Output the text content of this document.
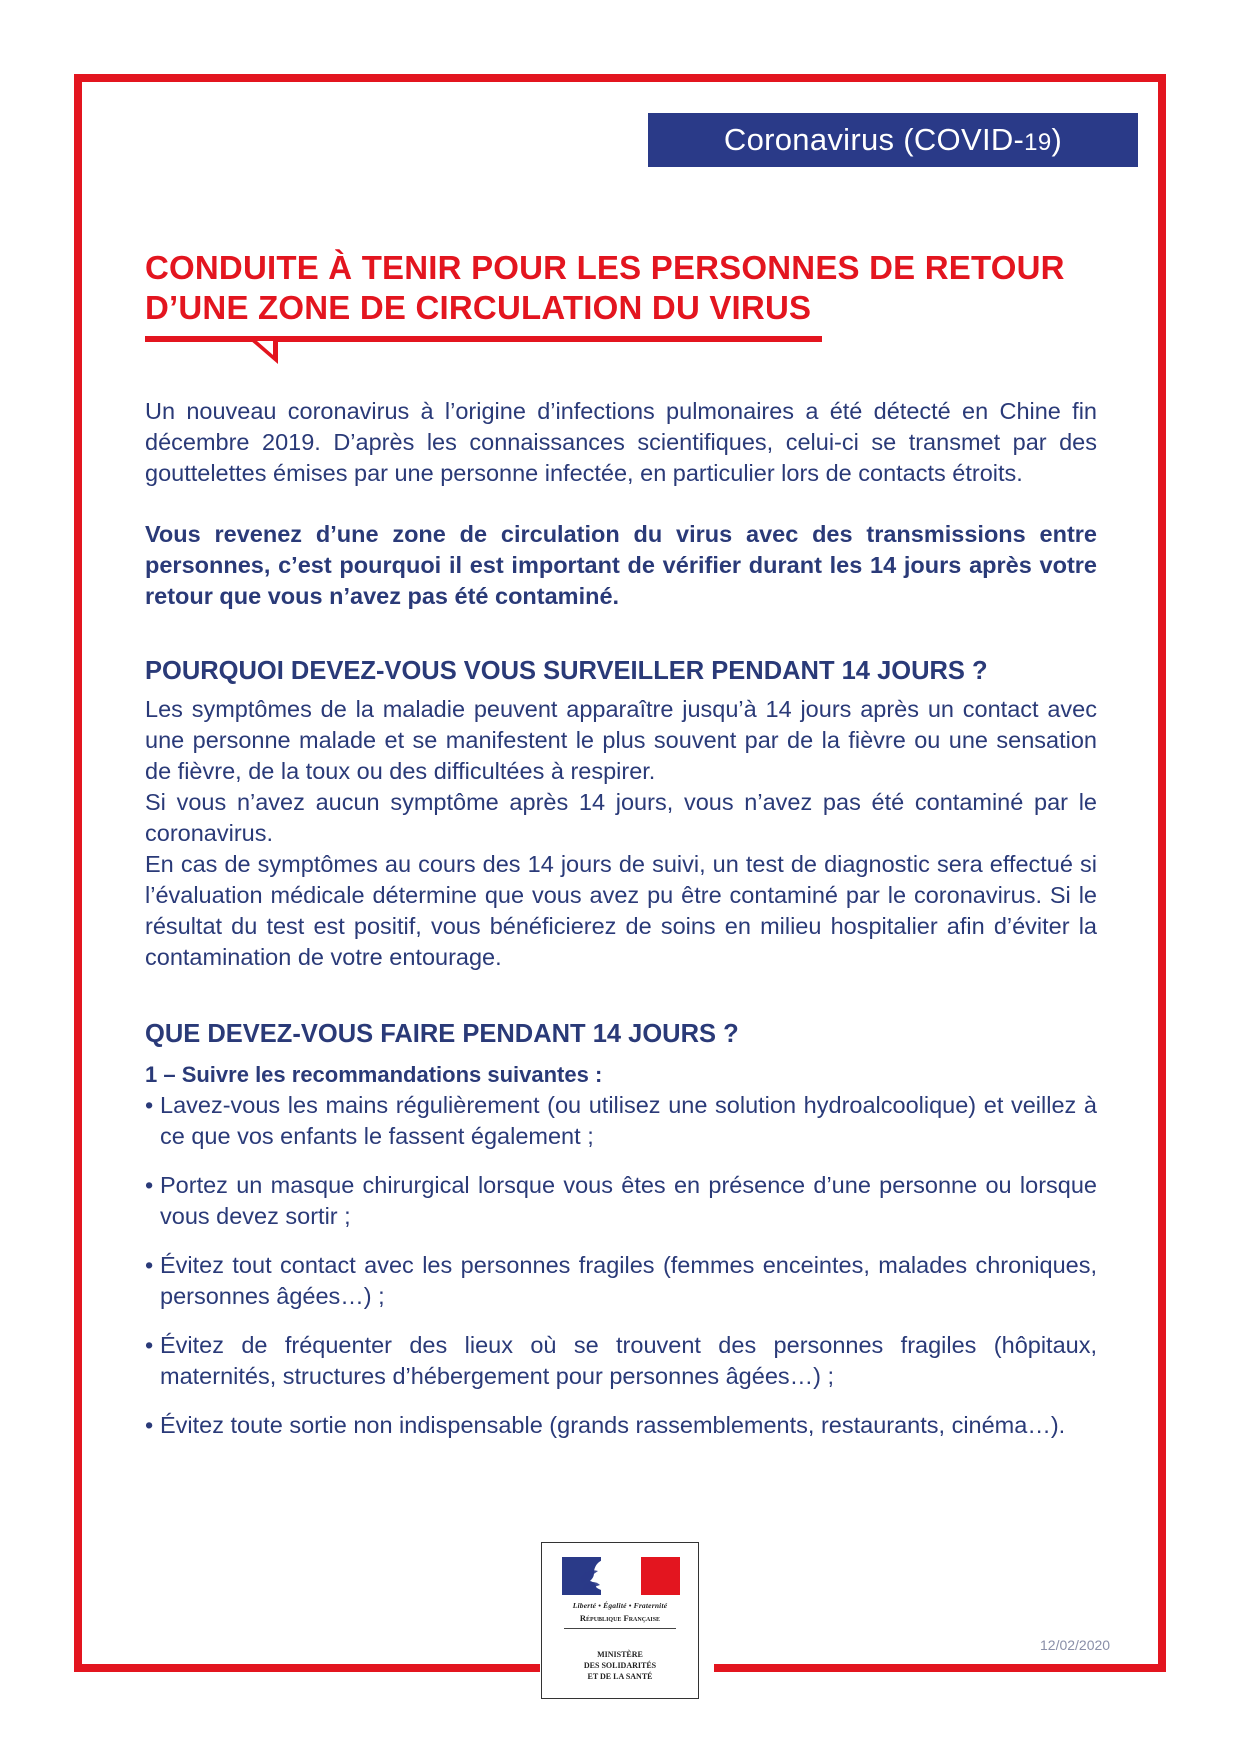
Coronavirus (COVID-19)
CONDUITE À TENIR POUR LES PERSONNES DE RETOUR
D’UNE ZONE DE CIRCULATION DU VIRUS

Un nouveau coronavirus à l’origine d’infections pulmonaires a été détecté en Chine fin décembre 2019. D’après les connaissances scientifiques, celui-ci se transmet par des gouttelettes émises par une personne infectée, en particulier lors de contacts étroits.

Vous revenez d’une zone de circulation du virus avec des transmissions entre personnes, c’est pourquoi il est important de vérifier durant les 14 jours après votre retour que vous n’avez pas été contaminé.

POURQUOI DEVEZ-VOUS VOUS SURVEILLER PENDANT 14 JOURS ?

Les symptômes de la maladie peuvent apparaître jusqu’à 14 jours après un contact avec une personne malade et se manifestent le plus souvent par de la fièvre ou une sensation de fièvre, de la toux ou des difficultées à respirer.

Si vous n’avez aucun symptôme après 14 jours, vous n’avez pas été contaminé par le coronavirus.

En cas de symptômes au cours des 14 jours de suivi, un test de diagnostic sera effectué si l’évaluation médicale détermine que vous avez pu être contaminé par le coronavirus. Si le résultat du test est positif, vous bénéficierez de soins en milieu hospitalier afin d’éviter la contamination de votre entourage.

QUE DEVEZ-VOUS FAIRE PENDANT 14 JOURS ?

1 – Suivre les recommandations suivantes :

• Lavez-vous les mains régulièrement (ou utilisez une solution hydroalcoolique) et veillez à ce que vos enfants le fassent également ;
• Portez un masque chirurgical lorsque vous êtes en présence d’une personne ou lorsque vous devez sortir ;
• Évitez tout contact avec les personnes fragiles (femmes enceintes, malades chroniques, personnes âgées…) ;
• Évitez de fréquenter des lieux où se trouvent des personnes fragiles (hôpitaux, maternités, structures d’hébergement pour personnes âgées…) ;
• Évitez toute sortie non indispensable (grands rassemblements, restaurants, cinéma…).
Liberté • Égalité • Fraternité
République Française
MINISTÈRE
DES SOLIDARITÉS
ET DE LA SANTÉ
12/02/2020
